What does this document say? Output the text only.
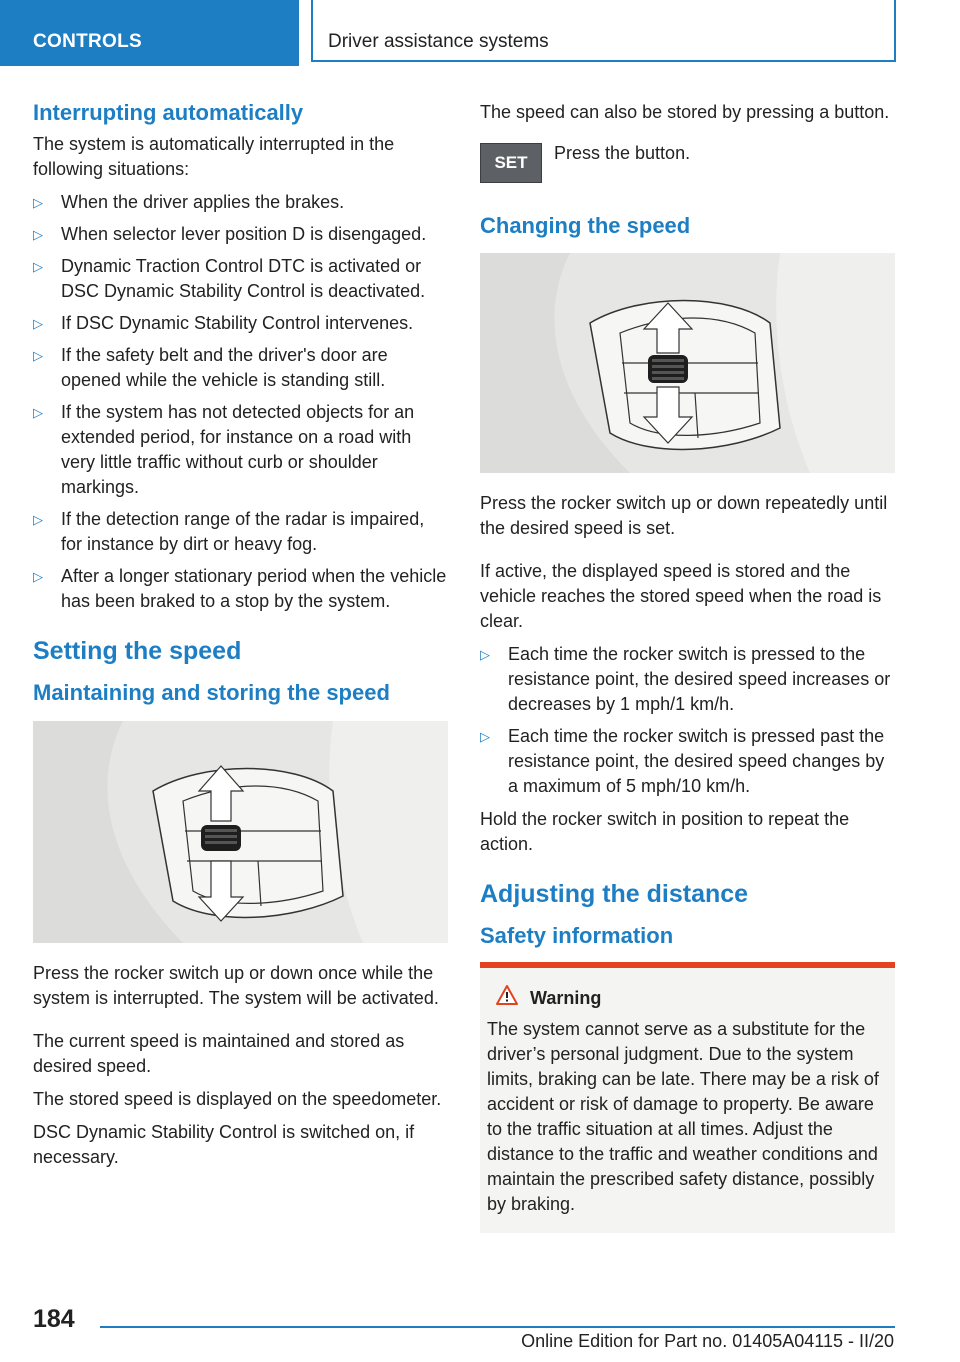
CONTROLS	Driver assistance systems
Interrupting automatically

The system is automatically interrupted in the following situations:

▷ When the driver applies the brakes.
▷ When selector lever position D is disengaged.
▷ Dynamic Traction Control DTC is activated or DSC Dynamic Stability Control is deactivated.
▷ If DSC Dynamic Stability Control intervenes.
▷ If the safety belt and the driver's door are opened while the vehicle is standing still.
▷ If the system has not detected objects for an extended period, for instance on a road with very little traffic without curb or shoulder markings.
▷ If the detection range of the radar is impaired, for instance by dirt or heavy fog.
▷ After a longer stationary period when the vehicle has been braked to a stop by the system.
Setting the speed
Maintaining and storing the speed

Press the rocker switch up or down once while the system is interrupted. The system will be activated.

The current speed is maintained and stored as desired speed.

The stored speed is displayed on the speedometer.

DSC Dynamic Stability Control is switched on, if necessary.

The speed can also be stored by pressing a button.

SET	Press the button.
Changing the speed

Press the rocker switch up or down repeatedly until the desired speed is set.

If active, the displayed speed is stored and the vehicle reaches the stored speed when the road is clear.

▷ Each time the rocker switch is pressed to the resistance point, the desired speed increases or decreases by 1 mph/1 km/h.
▷ Each time the rocker switch is pressed past the resistance point, the desired speed changes by a maximum of 5 mph/10 km/h.

Hold the rocker switch in position to repeat the action.

Adjusting the distance
Safety information
Warning

The system cannot serve as a substitute for the driver’s personal judgment. Due to the system limits, braking can be late. There may be a risk of accident or risk of damage to property. Be aware to the traffic situation at all times. Adjust the distance to the traffic and weather conditions and maintain the prescribed safety distance, possibly by braking.

184
Online Edition for Part no. 01405A04115 - II/20
